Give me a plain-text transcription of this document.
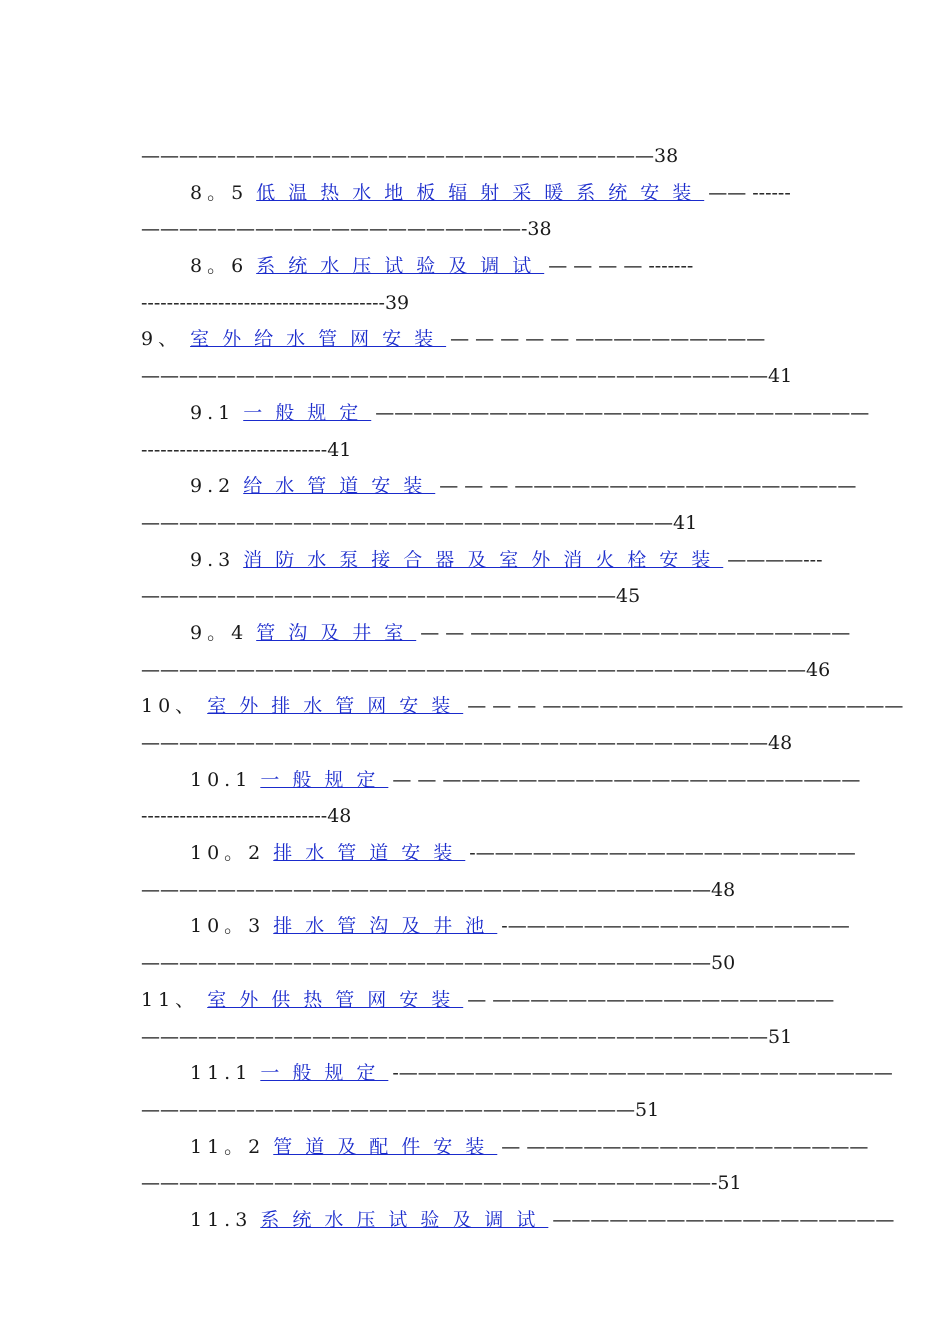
———————————————————————————38
8。5 低温热水地板辐射采暖系统安装 —— ------
————————————————————-38
8。6 系统水压试验及调试 — — — — -------
--------------------------------------39
9、 室外给水管网安装 — — — — — ——————————
—————————————————————————————————41
9.1 一般规定 ——————————————————————————
-----------------------------41
9.2 给水管道安装 — — — ——————————————————
————————————————————————————41
9.3 消防水泵接合器及室外消火栓安装 ————---
—————————————————————————45
9。4 管沟及井室 — — ————————————————————
———————————————————————————————————46
10、 室外排水管网安装 — — — ———————————————————
—————————————————————————————————48
10.1 一般规定 — — ——————————————————————
-----------------------------48
10。2 排水管道安装 -————————————————————
——————————————————————————————48
10。3 排水管沟及井池 -——————————————————
——————————————————————————————50
11、 室外供热管网安装 — ——————————————————
—————————————————————————————————51
11.1 一般规定 -——————————————————————————
——————————————————————————51
11。2 管道及配件安装 — ——————————————————
——————————————————————————————-51
11.3 系统水压试验及调试 ——————————————————
